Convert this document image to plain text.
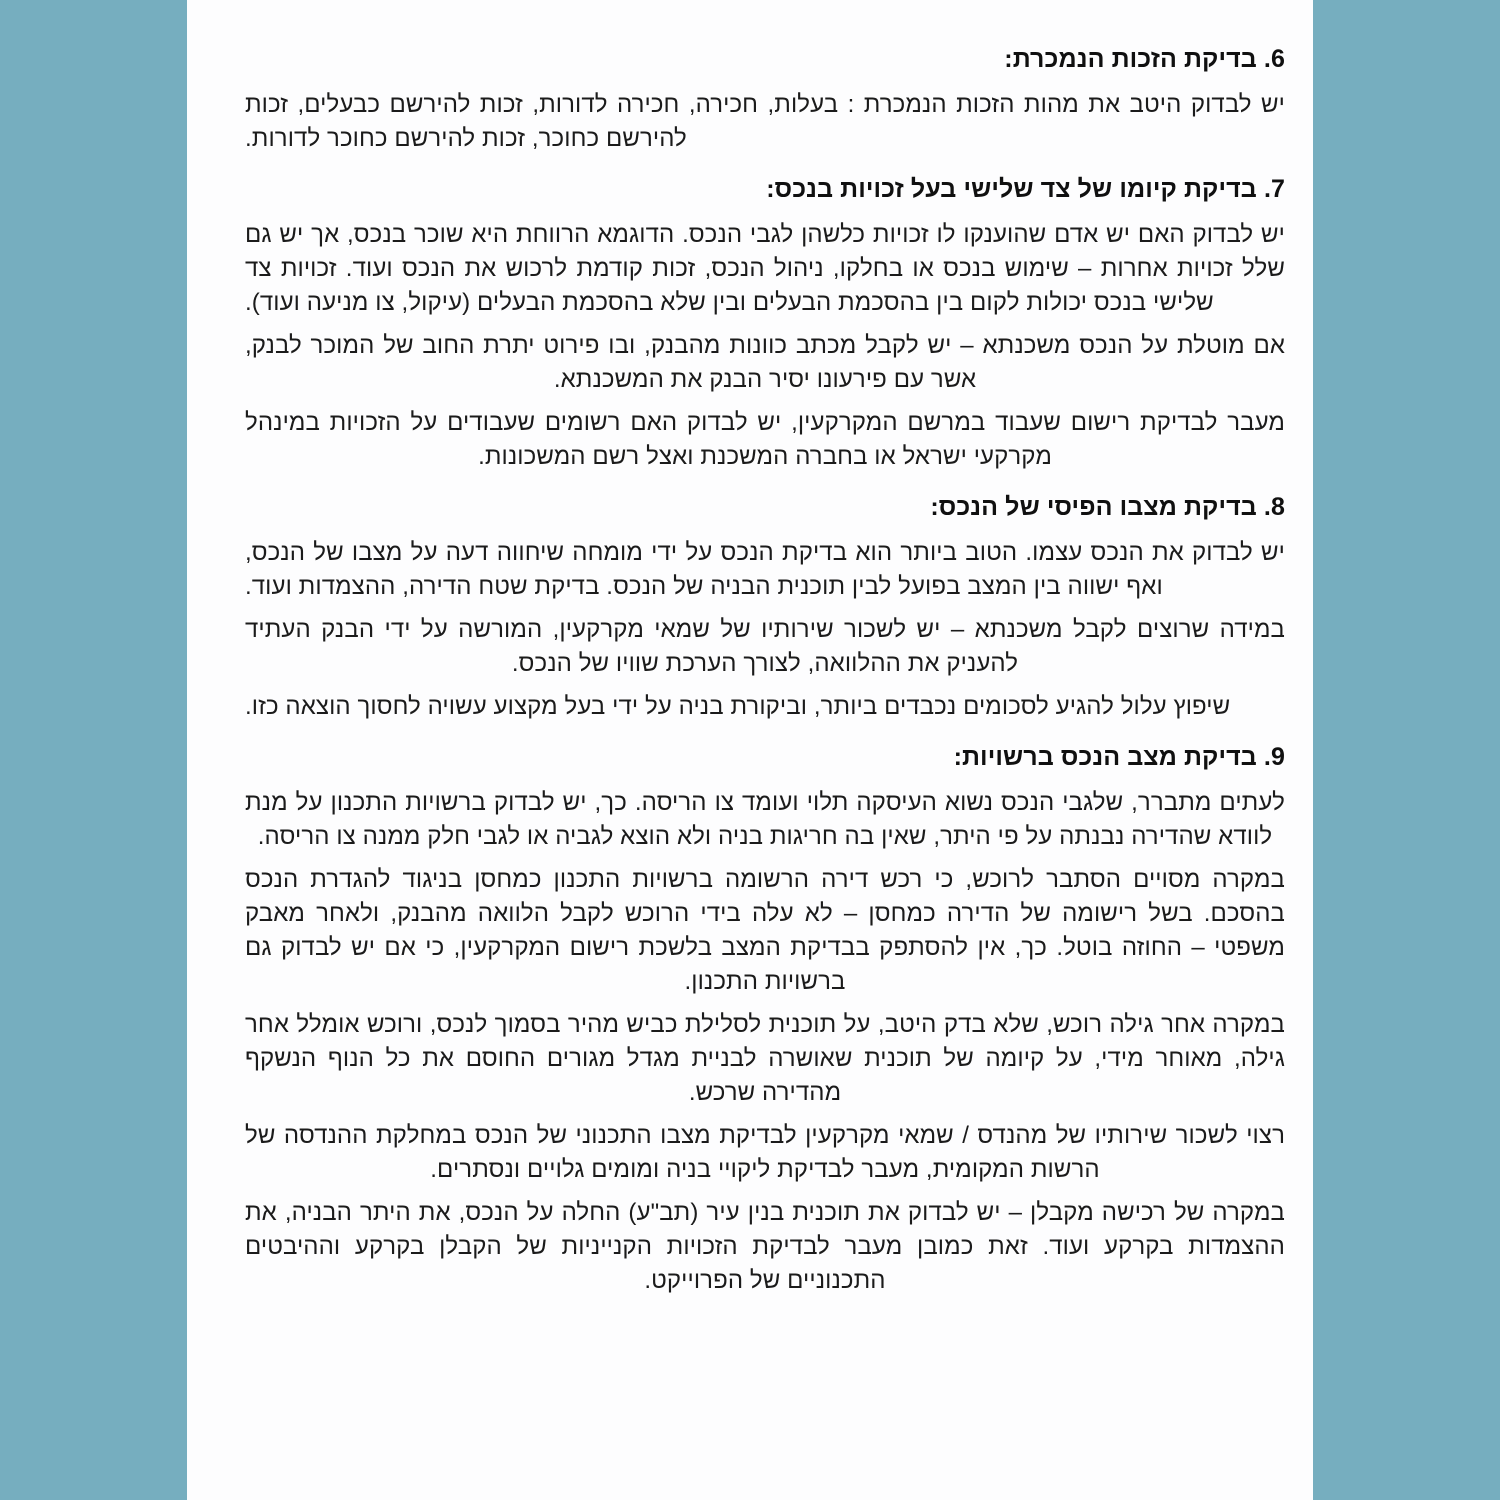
6. בדיקת הזכות הנמכרת:

יש לבדוק היטב את מהות הזכות הנמכרת : בעלות, חכירה, חכירה לדורות, זכות להירשם כבעלים, זכות להירשם כחוכר, זכות להירשם כחוכר לדורות.

7. בדיקת קיומו של צד שלישי בעל זכויות בנכס:

יש לבדוק האם יש אדם שהוענקו לו זכויות כלשהן לגבי הנכס. הדוגמא הרווחת היא שוכר בנכס, אך יש גם שלל זכויות אחרות – שימוש בנכס או בחלקו, ניהול הנכס, זכות קודמת לרכוש את הנכס ועוד. זכויות צד שלישי בנכס יכולות לקום בין בהסכמת הבעלים ובין שלא בהסכמת הבעלים (עיקול, צו מניעה ועוד).

אם מוטלת על הנכס משכנתא – יש לקבל מכתב כוונות מהבנק, ובו פירוט יתרת החוב של המוכר לבנק, אשר עם פירעונו יסיר הבנק את המשכנתא.

מעבר לבדיקת רישום שעבוד במרשם המקרקעין, יש לבדוק האם רשומים שעבודים על הזכויות במינהל מקרקעי ישראל או בחברה המשכנת ואצל רשם המשכונות.

8. בדיקת מצבו הפיסי של הנכס:

יש לבדוק את הנכס עצמו. הטוב ביותר הוא בדיקת הנכס על ידי מומחה שיחווה דעה על מצבו של הנכס, ואף ישווה בין המצב בפועל לבין תוכנית הבניה של הנכס. בדיקת שטח הדירה, ההצמדות ועוד.

במידה שרוצים לקבל משכנתא – יש לשכור שירותיו של שמאי מקרקעין, המורשה על ידי הבנק העתיד להעניק את ההלוואה, לצורך הערכת שוויו של הנכס.

שיפוץ עלול להגיע לסכומים נכבדים ביותר, וביקורת בניה על ידי בעל מקצוע עשויה לחסוך הוצאה כזו.

9. בדיקת מצב הנכס ברשויות:

לעתים מתברר, שלגבי הנכס נשוא העיסקה תלוי ועומד צו הריסה. כך, יש לבדוק ברשויות התכנון על מנת לוודא שהדירה נבנתה על פי היתר, שאין בה חריגות בניה ולא הוצא לגביה או לגבי חלק ממנה צו הריסה.

במקרה מסויים הסתבר לרוכש, כי רכש דירה הרשומה ברשויות התכנון כמחסן בניגוד להגדרת הנכס בהסכם. בשל רישומה של הדירה כמחסן – לא עלה בידי הרוכש לקבל הלוואה מהבנק, ולאחר מאבק משפטי – החוזה בוטל. כך, אין להסתפק בבדיקת המצב בלשכת רישום המקרקעין, כי אם יש לבדוק גם ברשויות התכנון.

במקרה אחר גילה רוכש, שלא בדק היטב, על תוכנית לסלילת כביש מהיר בסמוך לנכס, ורוכש אומלל אחר גילה, מאוחר מידי, על קיומה של תוכנית שאושרה לבניית מגדל מגורים החוסם את כל הנוף הנשקף מהדירה שרכש.

רצוי לשכור שירותיו של מהנדס / שמאי מקרקעין לבדיקת מצבו התכנוני של הנכס במחלקת ההנדסה של הרשות המקומית, מעבר לבדיקת ליקויי בניה ומומים גלויים ונסתרים.

במקרה של רכישה מקבלן – יש לבדוק את תוכנית בנין עיר (תב"ע) החלה על הנכס, את היתר הבניה, את ההצמדות בקרקע ועוד. זאת כמובן מעבר לבדיקת הזכויות הקנייניות של הקבלן בקרקע וההיבטים התכנוניים של הפרוייקט.
